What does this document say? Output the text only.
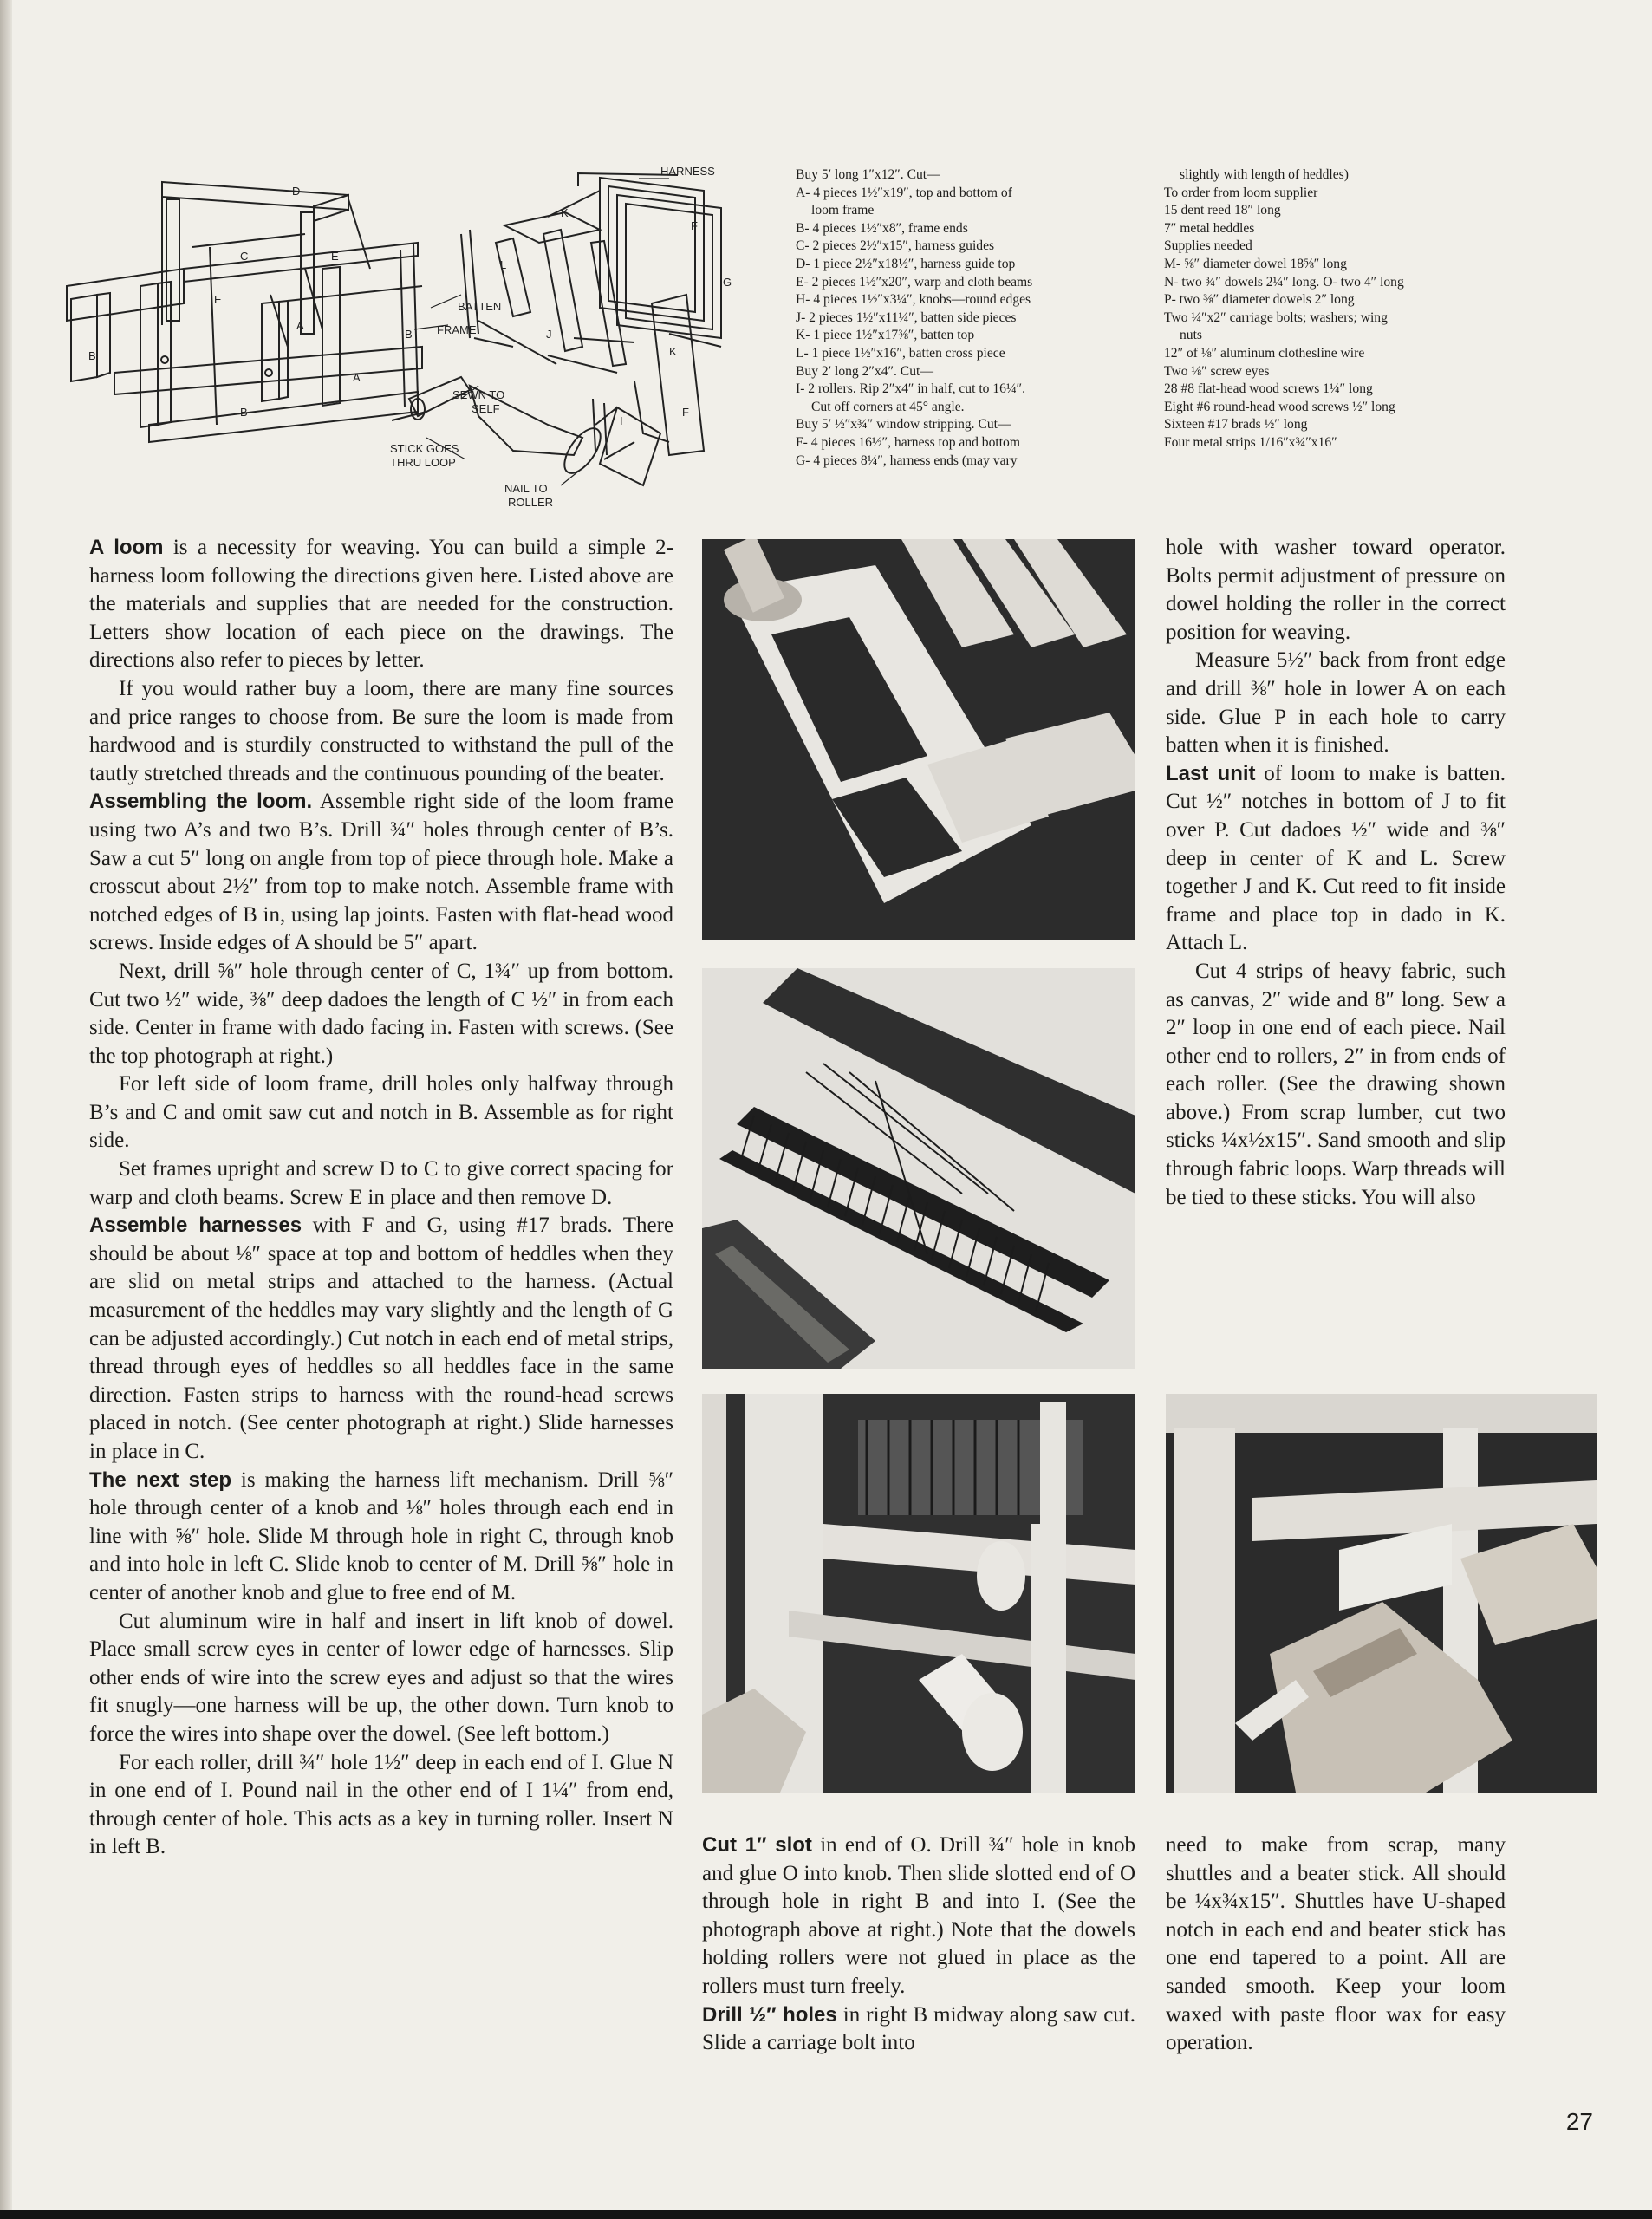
D
E
C
E
A
A
B
B
B
K
F
G
F
J
L
K
I
HARNESS
BATTEN
FRAME
SEWN TO SELF
STICK GOES THRU LOOP
NAIL TO ROLLER
Buy 5′ long 1″x12″. Cut—
A- 4 pieces 1½″x19″, top and bottom of
loom frame
B- 4 pieces 1½″x8″, frame ends
C- 2 pieces 2½″x15″, harness guides
D- 1 piece 2½″x18½″, harness guide top
E- 2 pieces 1½″x20″, warp and cloth beams
H- 4 pieces 1½″x3¼″, knobs—round edges
J- 2 pieces 1½″x11¼″, batten side pieces
K- 1 piece 1½″x17⅜″, batten top
L- 1 piece 1½″x16″, batten cross piece
Buy 2′ long 2″x4″. Cut—
I- 2 rollers. Rip 2″x4″ in half, cut to 16¼″.
Cut off corners at 45° angle.
Buy 5′ ½″x¾″ window stripping. Cut—
F- 4 pieces 16½″, harness top and bottom
G- 4 pieces 8¼″, harness ends (may vary
slightly with length of heddles)
To order from loom supplier
15 dent reed 18″ long
7″ metal heddles
Supplies needed
M- ⅝″ diameter dowel 18⅝″ long
N- two ¾″ dowels 2¼″ long. O- two 4″ long
P- two ⅜″ diameter dowels 2″ long
Two ¼″x2″ carriage bolts; washers; wing
nuts
12″ of ⅛″ aluminum clothesline wire
Two ⅛″ screw eyes
28 #8 flat-head wood screws 1¼″ long
Eight #6 round-head wood screws ½″ long
Sixteen #17 brads ½″ long
Four metal strips 1/16″x¾″x16″

A loom is a necessity for weaving. You can build a simple 2-harness loom following the directions given here. Listed above are the materials and supplies that are needed for the construction. Letters show location of each piece on the drawings. The directions also refer to pieces by letter.

If you would rather buy a loom, there are many fine sources and price ranges to choose from. Be sure the loom is made from hardwood and is sturdily constructed to withstand the pull of the tautly stretched threads and the continuous pounding of the beater.

Assembling the loom. Assemble right side of the loom frame using two A’s and two B’s. Drill ¾″ holes through center of B’s. Saw a cut 5″ long on angle from top of piece through hole. Make a crosscut about 2½″ from top to make notch. Assemble frame with notched edges of B in, using lap joints. Fasten with flat-head wood screws. Inside edges of A should be 5″ apart.

Next, drill ⅝″ hole through center of C, 1¾″ up from bottom. Cut two ½″ wide, ⅜″ deep dadoes the length of C ½″ in from each side. Center in frame with dado facing in. Fasten with screws. (See the top photograph at right.)

For left side of loom frame, drill holes only halfway through B’s and C and omit saw cut and notch in B. Assemble as for right side.

Set frames upright and screw D to C to give correct spacing for warp and cloth beams. Screw E in place and then remove D.

Assemble harnesses with F and G, using #17 brads. There should be about ⅛″ space at top and bottom of heddles when they are slid on metal strips and attached to the harness. (Actual measurement of the heddles may vary slightly and the length of G can be adjusted accordingly.) Cut notch in each end of metal strips, thread through eyes of heddles so all heddles face in the same direction. Fasten strips to harness with the round-head screws placed in notch. (See center photograph at right.) Slide harnesses in place in C.

The next step is making the harness lift mechanism. Drill ⅝″ hole through center of a knob and ⅛″ holes through each end in line with ⅝″ hole. Slide M through hole in right C, through knob and into hole in left C. Slide knob to center of M. Drill ⅝″ hole in center of another knob and glue to free end of M.

Cut aluminum wire in half and insert in lift knob of dowel. Place small screw eyes in center of lower edge of harnesses. Slip other ends of wire into the screw eyes and adjust so that the wires fit snugly—one harness will be up, the other down. Turn knob to force the wires into shape over the dowel. (See left bottom.)

For each roller, drill ¾″ hole 1½″ deep in each end of I. Glue N in one end of I. Pound nail in the other end of I 1¼″ from end, through center of hole. This acts as a key in turning roller. Insert N in left B.	Cut 1″ slot in end of O. Drill ¾″ hole in knob and glue O into knob. Then slide slotted end of O through hole in right B and into I. (See the photograph above at right.) Note that the dowels holding rollers were not glued in place as the rollers must turn freely.

Drill ½″ holes in right B midway along saw cut. Slide a carriage bolt into

hole with washer toward operator. Bolts permit adjustment of pressure on dowel holding the roller in the correct position for weaving.

Measure 5½″ back from front edge and drill ⅜″ hole in lower A on each side. Glue P in each hole to carry batten when it is finished.

Last unit of loom to make is batten. Cut ½″ notches in bottom of J to fit over P. Cut dadoes ½″ wide and ⅜″ deep in center of K and L. Screw together J and K. Cut reed to fit inside frame and place top in dado in K. Attach L.

Cut 4 strips of heavy fabric, such as canvas, 2″ wide and 8″ long. Sew a 2″ loop in one end of each piece. Nail other end to rollers, 2″ in from ends of each roller. (See the drawing shown above.) From scrap lumber, cut two sticks ¼x½x15″. Sand smooth and slip through fabric loops. Warp threads will be tied to these sticks. You will also

need to make from scrap, many shuttles and a beater stick. All should be ¼x¾x15″. Shuttles have U-shaped notch in each end and beater stick has one end tapered to a point. All are sanded smooth. Keep your loom waxed with paste floor wax for easy operation.

27
